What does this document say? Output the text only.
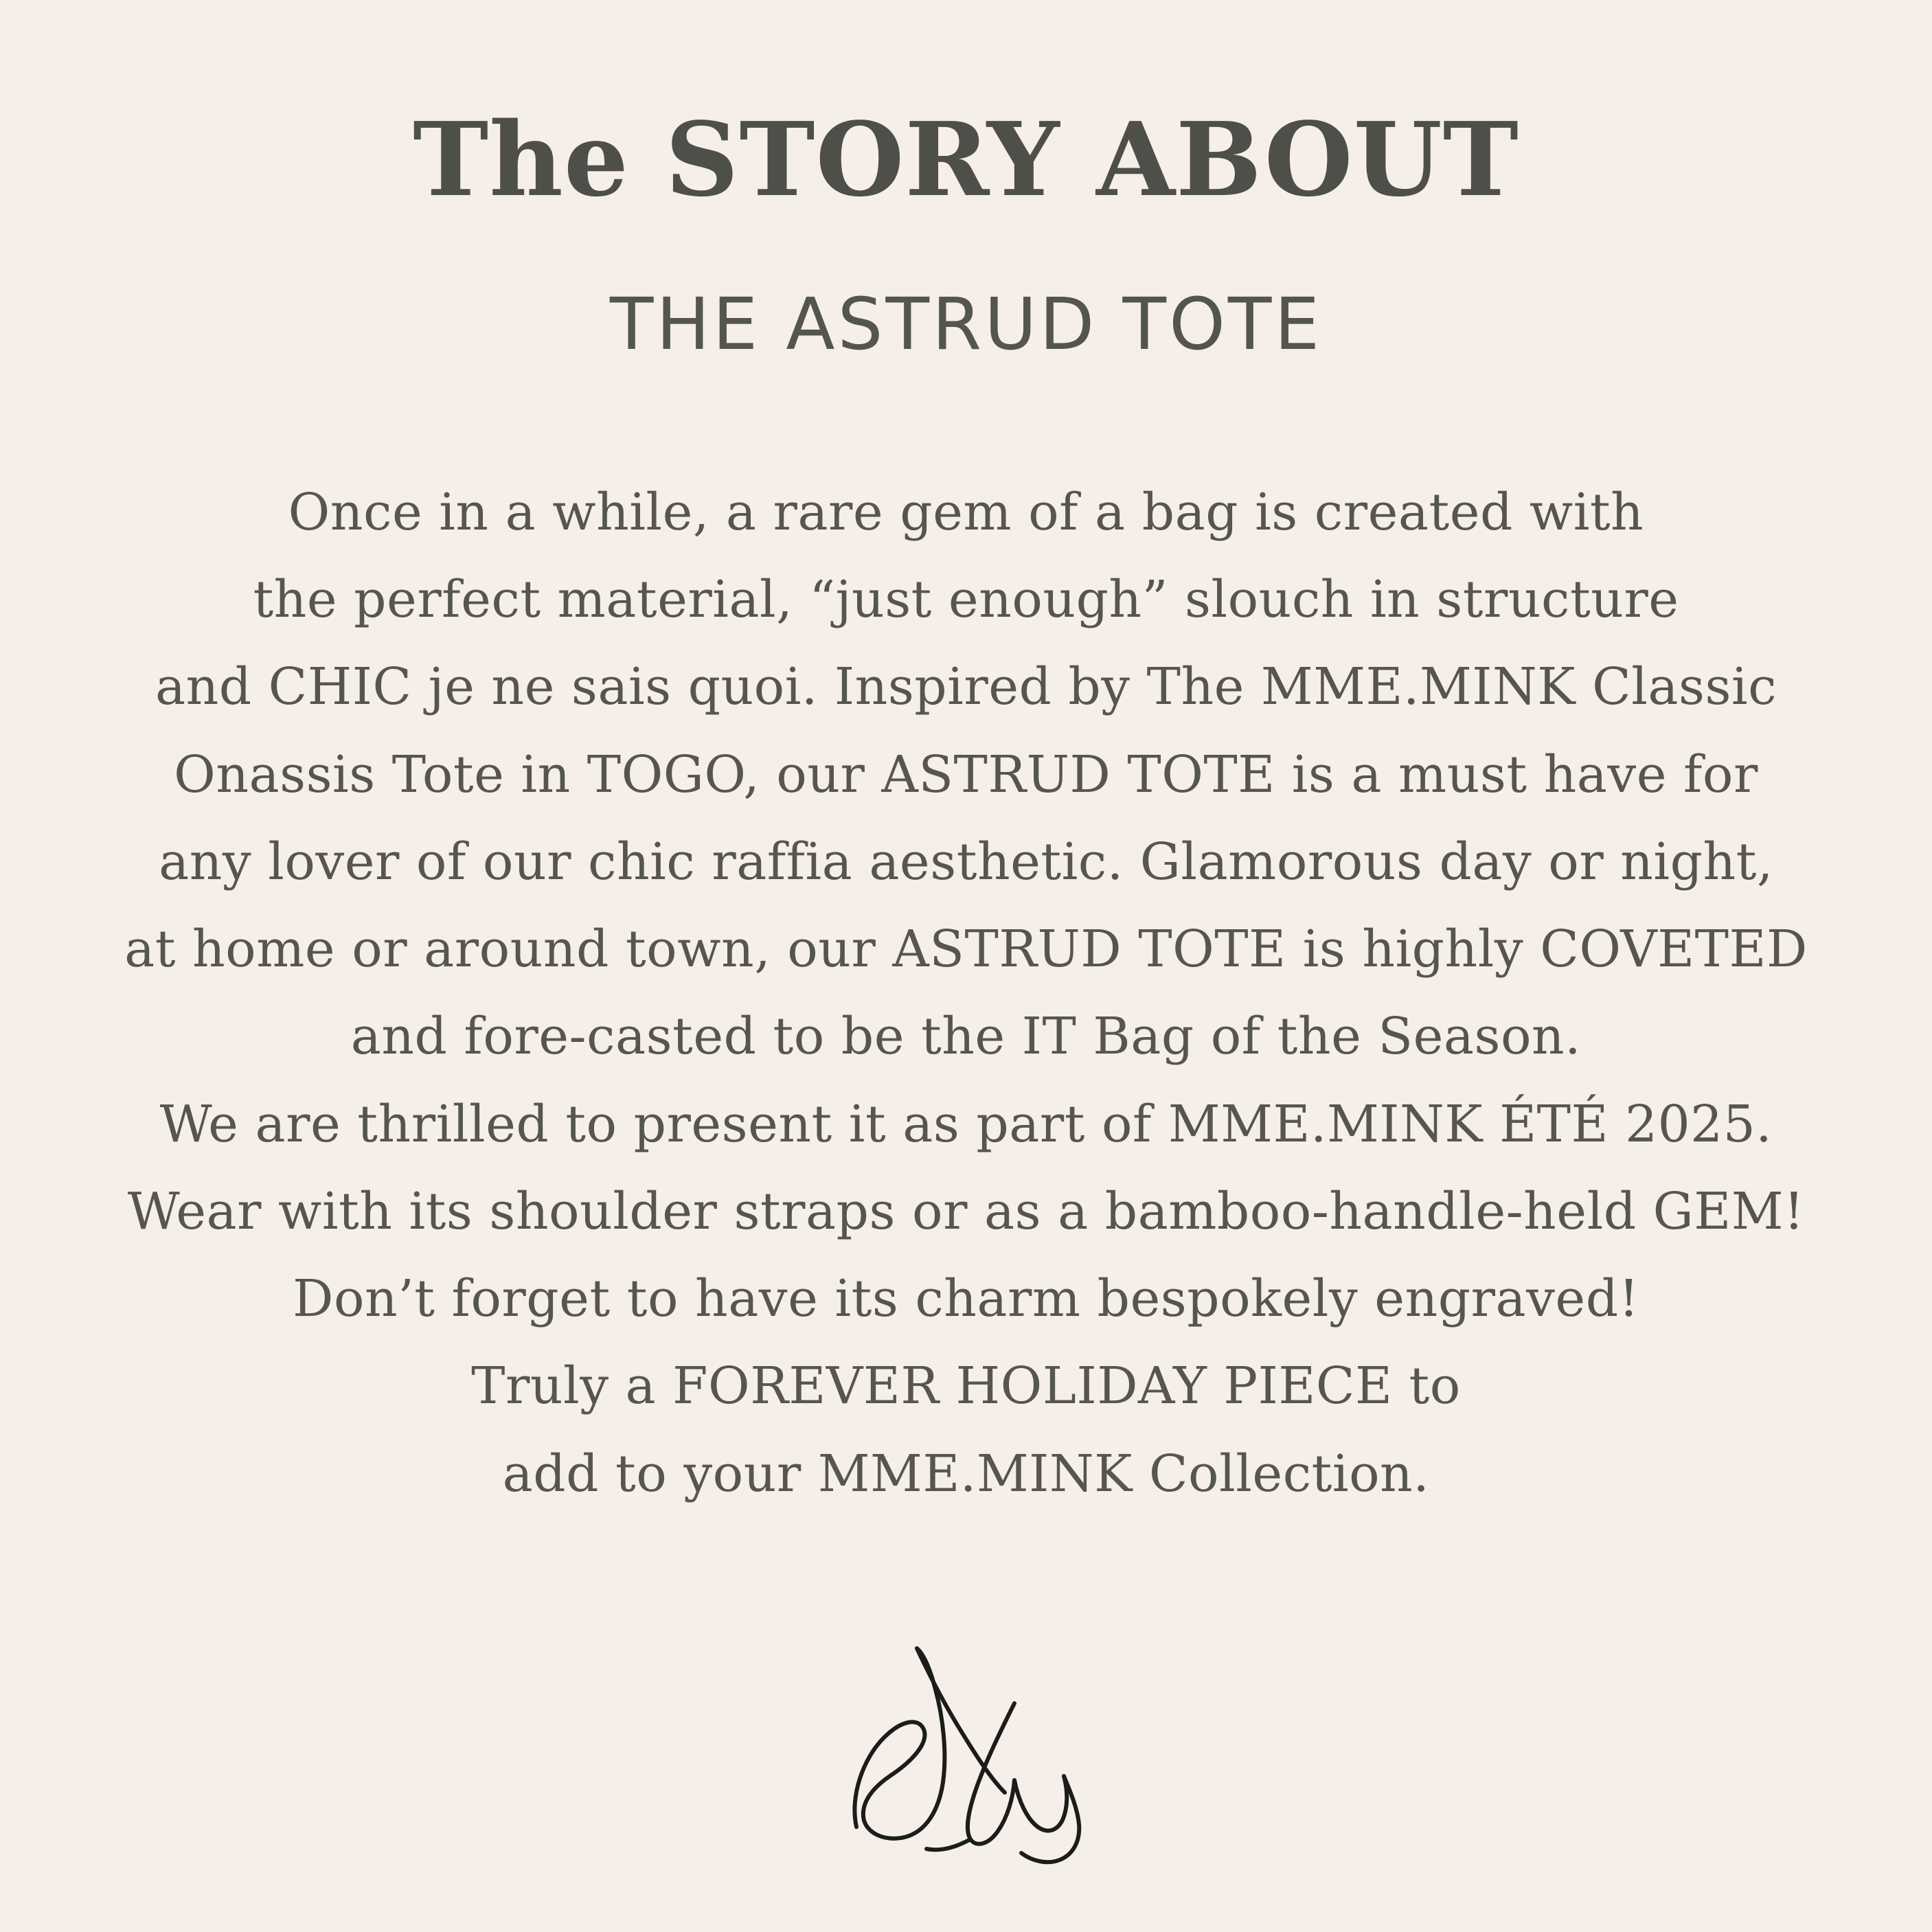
The STORY ABOUT
THE ASTRUD TOTE
Once in a while, a rare gem of a bag is created with
the perfect material, “just enough” slouch in structure
and CHIC je ne sais quoi. Inspired by The MME.MINK Classic
Onassis Tote in TOGO, our ASTRUD TOTE is a must have for
any lover of our chic raffia aesthetic. Glamorous day or night,
at home or around town, our ASTRUD TOTE is highly COVETED
and fore-casted to be the IT Bag of the Season.
We are thrilled to present it as part of MME.MINK ÉTÉ 2025.
Wear with its shoulder straps or as a bamboo-handle-held GEM!
Don’t forget to have its charm bespokely engraved!
Truly a FOREVER HOLIDAY PIECE to
add to your MME.MINK Collection.
